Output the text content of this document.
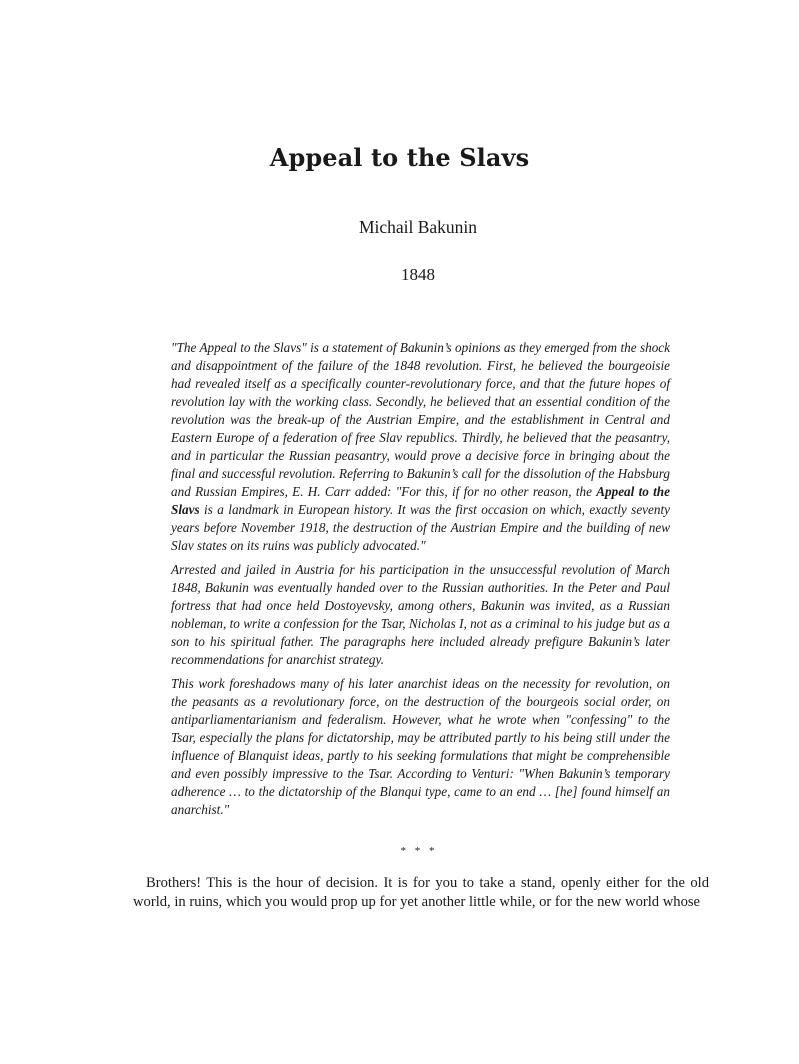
Appeal to the Slavs
Michail Bakunin
1848

"The Appeal to the Slavs" is a statement of Bakunin’s opinions as they emerged from the shock and disappointment of the failure of the 1848 revolution. First, he believed the bourgeoisie had revealed itself as a specifically counter-revolutionary force, and that the future hopes of revolution lay with the working class. Secondly, he believed that an essential condition of the revolution was the break-up of the Austrian Empire, and the establishment in Central and Eastern Europe of a federation of free Slav republics. Thirdly, he believed that the peasantry, and in particular the Russian peasantry, would prove a decisive force in bringing about the final and successful revolution. Referring to Bakunin’s call for the dissolution of the Habsburg and Russian Empires, E. H. Carr added: "For this, if for no other reason, the Appeal to the Slavs is a landmark in European history. It was the first occasion on which, exactly seventy years before November 1918, the destruction of the Austrian Empire and the building of new Slav states on its ruins was publicly advocated."

Arrested and jailed in Austria for his participation in the unsuccessful revolution of March 1848, Bakunin was eventually handed over to the Russian authorities. In the Peter and Paul fortress that had once held Dostoyevsky, among others, Bakunin was invited, as a Russian nobleman, to write a confession for the Tsar, Nicholas I, not as a criminal to his judge but as a son to his spiritual father. The paragraphs here included already prefigure Bakunin’s later recommendations for anarchist strategy.

This work foreshadows many of his later anarchist ideas on the necessity for revolution, on the peasants as a revolutionary force, on the destruction of the bourgeois social order, on antiparliamentarianism and federalism. However, what he wrote when "confessing" to the Tsar, especially the plans for dictatorship, may be attributed partly to his being still under the influence of Blanquist ideas, partly to his seeking formulations that might be comprehensible and even possibly impressive to the Tsar. According to Venturi: "When Bakunin’s temporary adherence … to the dictatorship of the Blanqui type, came to an end … [he] found himself an anarchist."

* * *

Brothers! This is the hour of decision. It is for you to take a stand, openly either for the old world, in ruins, which you would prop up for yet another little while, or for the new world whose
